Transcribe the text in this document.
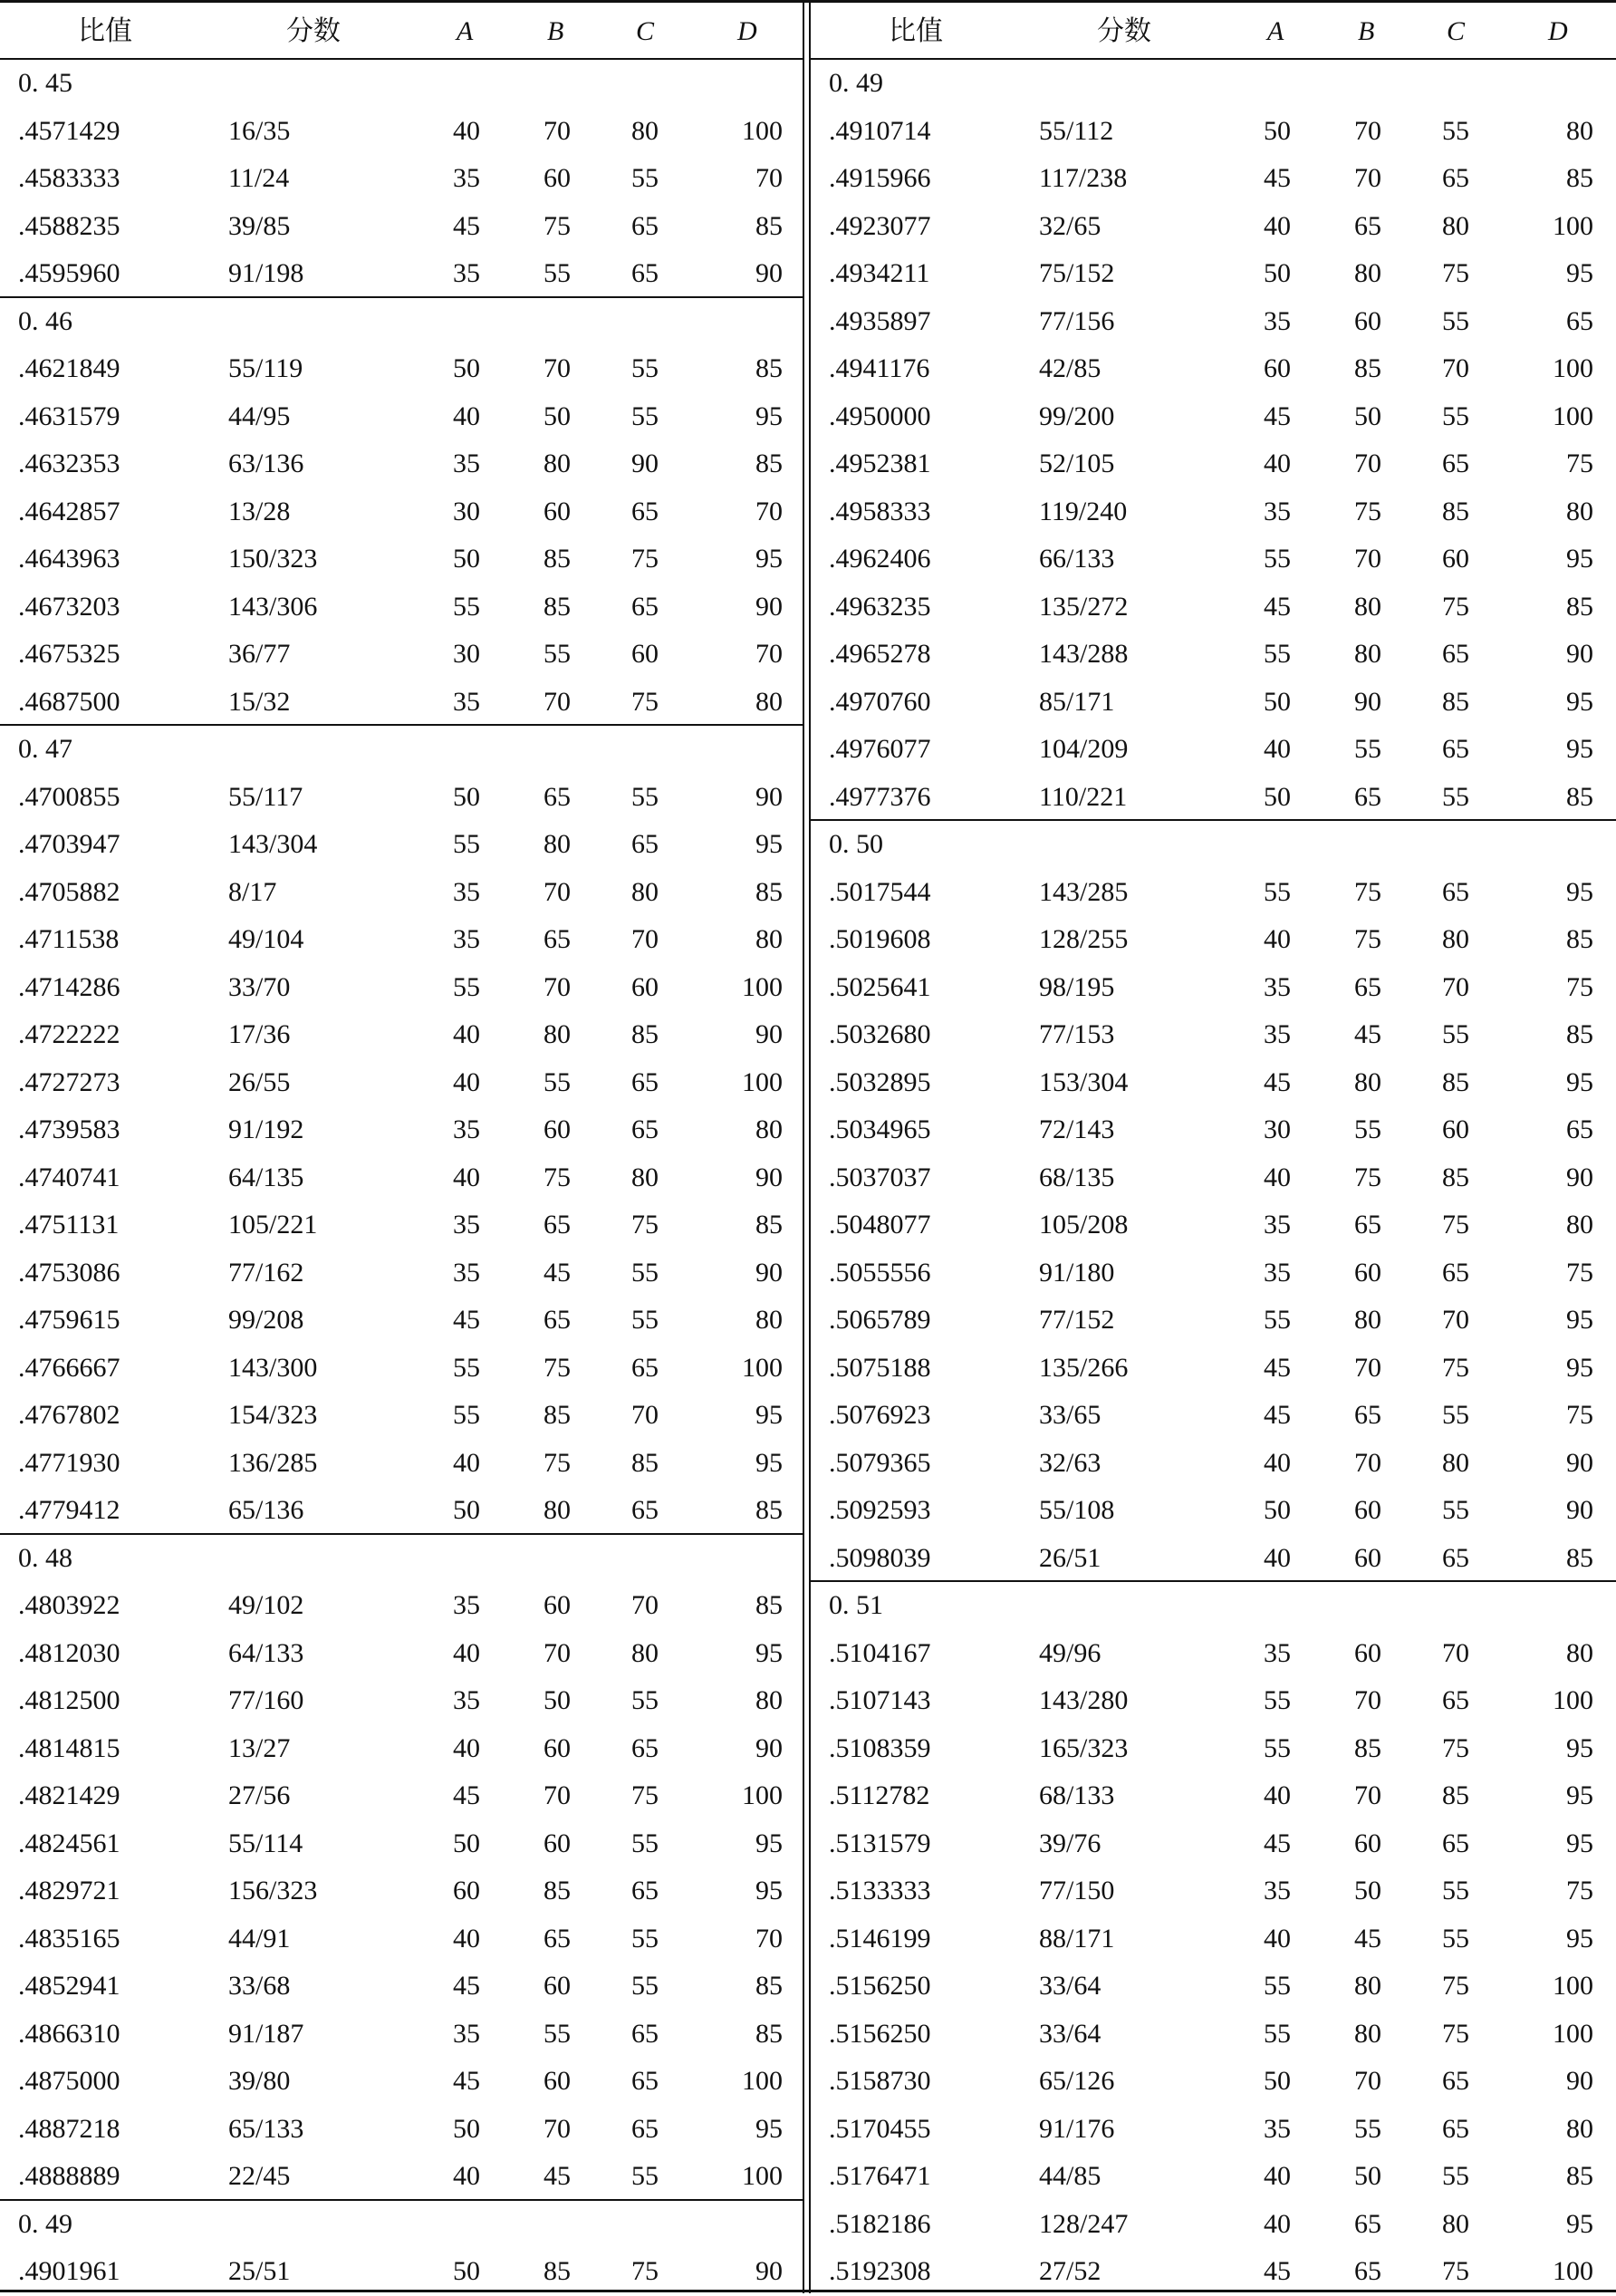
比值	分数	A	B	C	D
0. 45
.4571429	16/35	40 70 80	100
.4583333	11/24	35 60 55	70
.4588235	39/85	45 75 65	85
.4595960	91/198	35 55 65	90
0. 46
.4621849	55/119	50 70 55	85
.4631579	44/95	40 50 55	95
.4632353	63/136	35 80 90	85
.4642857	13/28	30 60 65	70
.4643963	150/323	50 85 75	95
.4673203	143/306	55 85 65	90
.4675325	36/77	30 55 60	70
.4687500	15/32	35 70 75	80
0. 47
.4700855	55/117	50 65 55	90
.4703947	143/304	55 80 65	95
.4705882	8/17	35 70 80	85
.4711538	49/104	35 65 70	80
.4714286	33/70	55 70 60	100
.4722222	17/36	40 80 85	90
.4727273	26/55	40 55 65	100
.4739583	91/192	35 60 65	80
.4740741	64/135	40 75 80	90
.4751131	105/221	35 65 75	85
.4753086	77/162	35 45 55	90
.4759615	99/208	45 65 55	80
.4766667	143/300	55 75 65	100
.4767802	154/323	55 85 70	95
.4771930	136/285	40 75 85	95
.4779412	65/136	50 80 65	85
0. 48
.4803922	49/102	35 60 70	85
.4812030	64/133	40 70 80	95
.4812500	77/160	35 50 55	80
.4814815	13/27	40 60 65	90
.4821429	27/56	45 70 75	100
.4824561	55/114	50 60 55	95
.4829721	156/323	60 85 65	95
.4835165	44/91	40 65 55	70
.4852941	33/68	45 60 55	85
.4866310	91/187	35 55 65	85
.4875000	39/80	45 60 65	100
.4887218	65/133	50 70 65	95
.4888889	22/45	40 45 55	100
0. 49
.4901961	25/51	50 85 75	90
比值	分数	A	B	C	D
0. 49
.4910714	55/112	50 70 55	80
.4915966	117/238	45 70 65	85
.4923077	32/65	40 65 80	100
.4934211	75/152	50 80 75	95
.4935897	77/156	35 60 55	65
.4941176	42/85	60 85 70	100
.4950000	99/200	45 50 55	100
.4952381	52/105	40 70 65	75
.4958333	119/240	35 75 85	80
.4962406	66/133	55 70 60	95
.4963235	135/272	45 80 75	85
.4965278	143/288	55 80 65	90
.4970760	85/171	50 90 85	95
.4976077	104/209	40 55 65	95
.4977376	110/221	50 65 55	85
0. 50
.5017544	143/285	55 75 65	95
.5019608	128/255	40 75 80	85
.5025641	98/195	35 65 70	75
.5032680	77/153	35 45 55	85
.5032895	153/304	45 80 85	95
.5034965	72/143	30 55 60	65
.5037037	68/135	40 75 85	90
.5048077	105/208	35 65 75	80
.5055556	91/180	35 60 65	75
.5065789	77/152	55 80 70	95
.5075188	135/266	45 70 75	95
.5076923	33/65	45 65 55	75
.5079365	32/63	40 70 80	90
.5092593	55/108	50 60 55	90
.5098039	26/51	40 60 65	85
0. 51
.5104167	49/96	35 60 70	80
.5107143	143/280	55 70 65	100
.5108359	165/323	55 85 75	95
.5112782	68/133	40 70 85	95
.5131579	39/76	45 60 65	95
.5133333	77/150	35 50 55	75
.5146199	88/171	40 45 55	95
.5156250	33/64	55 80 75	100
.5156250	33/64	55 80 75	100
.5158730	65/126	50 70 65	90
.5170455	91/176	35 55 65	80
.5176471	44/85	40 50 55	85
.5182186	128/247	40 65 80	95
.5192308	27/52	45 65 75	100
